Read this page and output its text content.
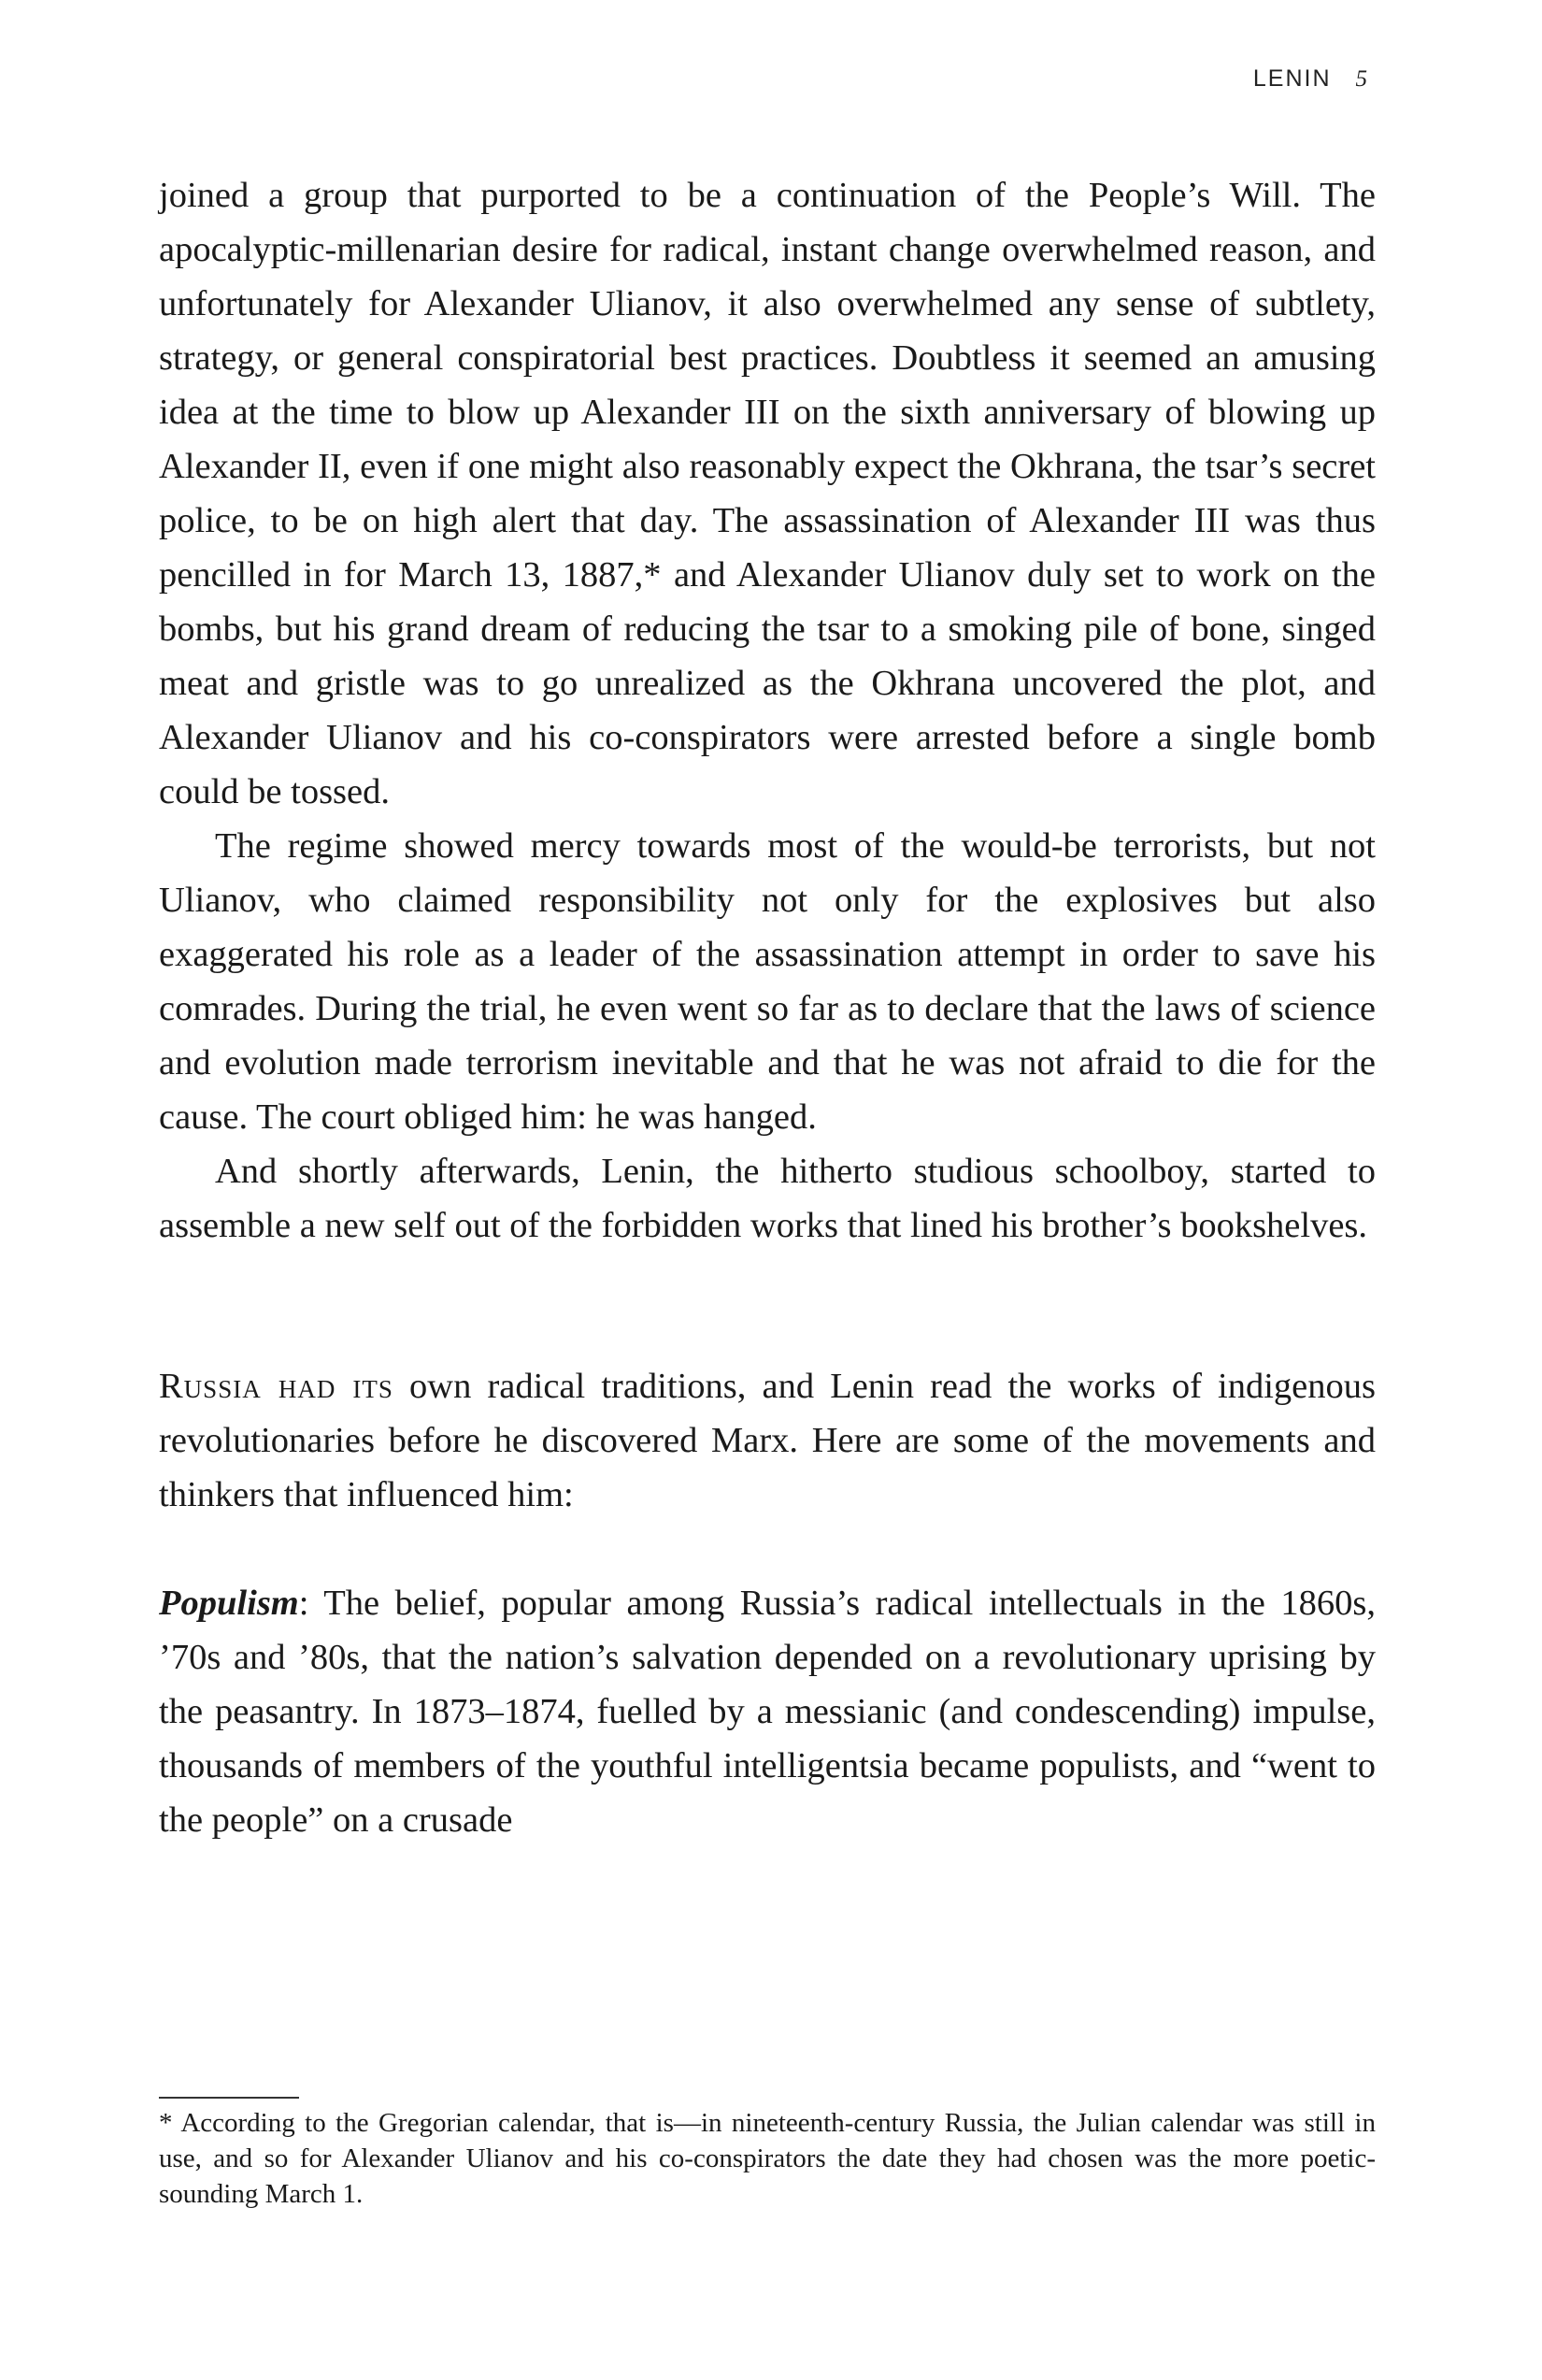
LENIN 5

joined a group that purported to be a continuation of the People’s Will. The apocalyptic-millenarian desire for radical, instant change overwhelmed reason, and unfortunately for Alexander Ulianov, it also overwhelmed any sense of subtlety, strategy, or general conspiratorial best practices. Doubtless it seemed an amusing idea at the time to blow up Alexander III on the sixth anniversary of blowing up Alexander II, even if one might also reasonably expect the Okhrana, the tsar’s secret police, to be on high alert that day. The assassination of Alexander III was thus pencilled in for March 13, 1887,* and Alexander Ulianov duly set to work on the bombs, but his grand dream of reducing the tsar to a smoking pile of bone, singed meat and gristle was to go unrealized as the Okhrana uncovered the plot, and Alexander Ulianov and his co-conspirators were arrested before a single bomb could be tossed.

The regime showed mercy towards most of the would-be terrorists, but not Ulianov, who claimed responsibility not only for the explosives but also exaggerated his role as a leader of the assassination attempt in order to save his comrades. During the trial, he even went so far as to declare that the laws of science and evolution made terrorism inevitable and that he was not afraid to die for the cause. The court obliged him: he was hanged.

And shortly afterwards, Lenin, the hitherto studious schoolboy, started to assemble a new self out of the forbidden works that lined his brother’s bookshelves.

Russia had its own radical traditions, and Lenin read the works of indigenous revolutionaries before he discovered Marx. Here are some of the movements and thinkers that influenced him:

Populism: The belief, popular among Russia’s radical intellectuals in the 1860s, ’70s and ’80s, that the nation’s salvation depended on a revolutionary uprising by the peasantry. In 1873–1874, fuelled by a messianic (and condescending) impulse, thousands of members of the youthful intelligentsia became populists, and “went to the people” on a crusade

* According to the Gregorian calendar, that is—in nineteenth-century Russia, the Julian calendar was still in use, and so for Alexander Ulianov and his co-conspirators the date they had chosen was the more poetic-sounding March 1.
